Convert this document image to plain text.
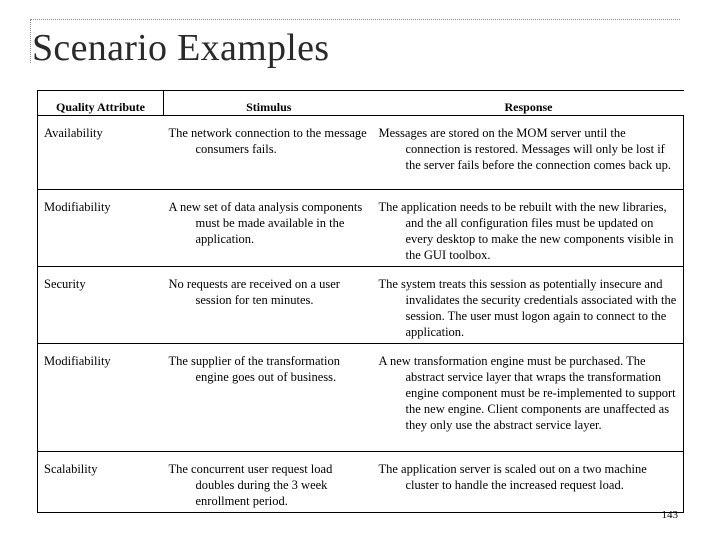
Scenario Examples
Quality Attribute	Stimulus	Response
Availability	The network connection to the message consumers fails.	Messages are stored on the MOM server until the connection is restored. Messages will only be lost if the server fails before the connection comes back up.
Modifiability	A new set of data analysis components must be made available in the application.	The application needs to be rebuilt with the new libraries, and the all configuration files must be updated on every desktop to make the new components visible in the GUI toolbox.
Security	No requests are received on a user session for ten minutes.	The system treats this session as potentially insecure and invalidates the security credentials associated with the session. The user must logon again to connect to the application.
Modifiability	The supplier of the transformation engine goes out of business.	A new transformation engine must be purchased. The abstract service layer that wraps the transformation engine component must be re-implemented to support the new engine. Client components are unaffected as they only use the abstract service layer.
Scalability	The concurrent user request load doubles during the 3 week enrollment period.	The application server is scaled out on a two machine cluster to handle the increased request load.
143
